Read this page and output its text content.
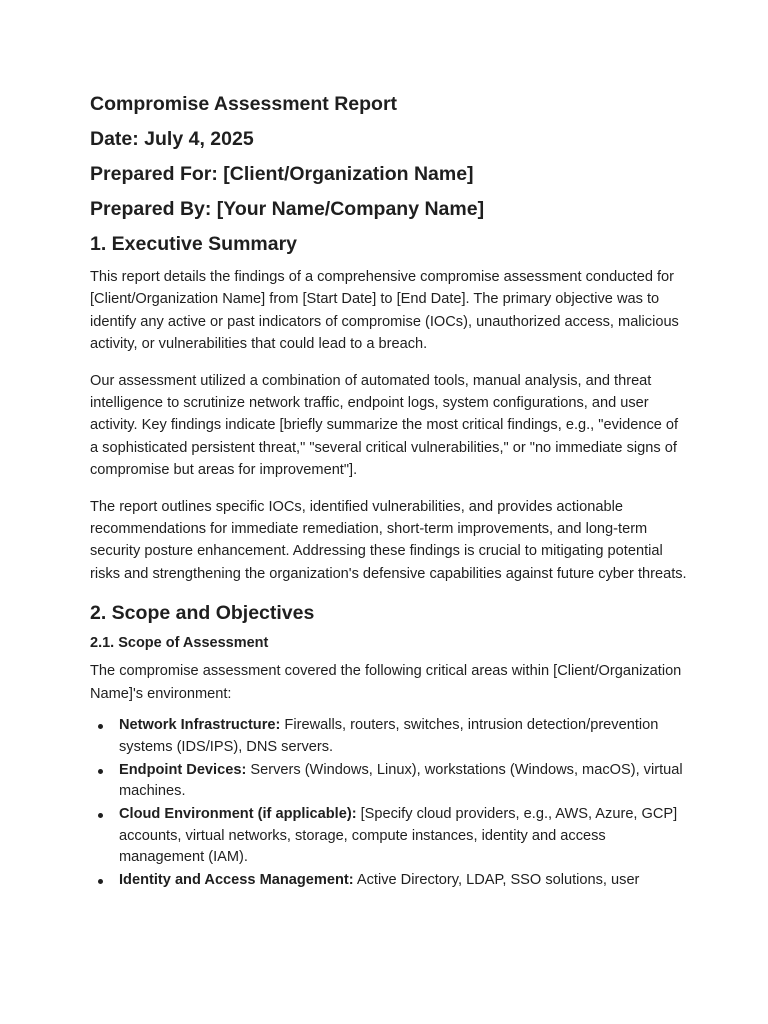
Compromise Assessment Report
Date: July 4, 2025
Prepared For: [Client/Organization Name]
Prepared By: [Your Name/Company Name]
1. Executive Summary

This report details the findings of a comprehensive compromise assessment conducted for [Client/Organization Name] from [Start Date] to [End Date]. The primary objective was to identify any active or past indicators of compromise (IOCs), unauthorized access, malicious activity, or vulnerabilities that could lead to a breach.

Our assessment utilized a combination of automated tools, manual analysis, and threat intelligence to scrutinize network traffic, endpoint logs, system configurations, and user activity. Key findings indicate [briefly summarize the most critical findings, e.g., "evidence of a sophisticated persistent threat," "several critical vulnerabilities," or "no immediate signs of compromise but areas for improvement"].

The report outlines specific IOCs, identified vulnerabilities, and provides actionable recommendations for immediate remediation, short-term improvements, and long-term security posture enhancement. Addressing these findings is crucial to mitigating potential risks and strengthening the organization's defensive capabilities against future cyber threats.

2. Scope and Objectives
2.1. Scope of Assessment

The compromise assessment covered the following critical areas within [Client/Organization Name]'s environment:

Network Infrastructure: Firewalls, routers, switches, intrusion detection/prevention systems (IDS/IPS), DNS servers.
Endpoint Devices: Servers (Windows, Linux), workstations (Windows, macOS), virtual machines.
Cloud Environment (if applicable): [Specify cloud providers, e.g., AWS, Azure, GCP] accounts, virtual networks, storage, compute instances, identity and access management (IAM).
Identity and Access Management: Active Directory, LDAP, SSO solutions, user
